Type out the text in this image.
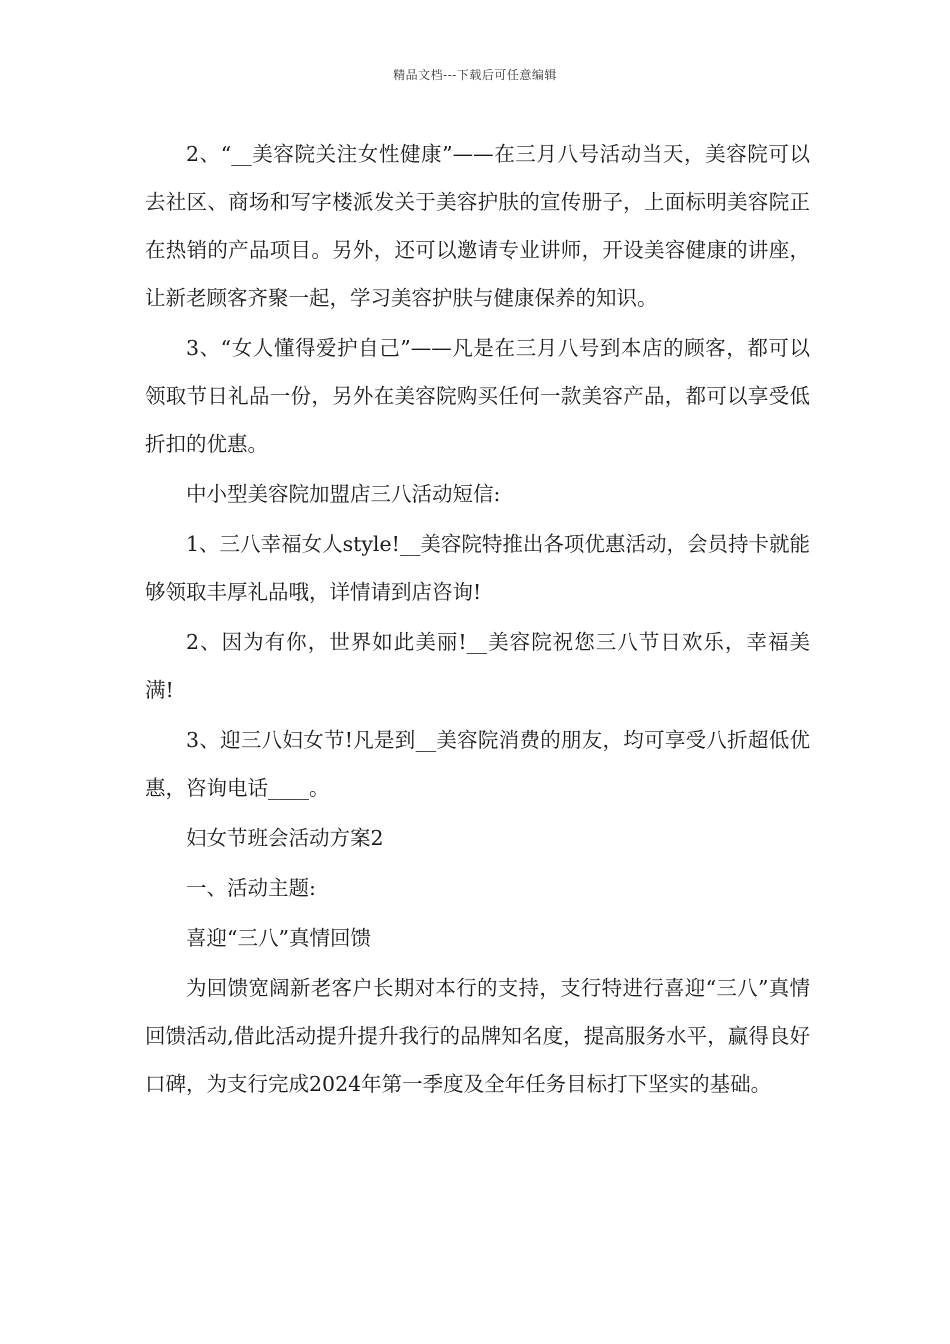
精品文档---下载后可任意编辑

2、“__美容院关注女性健康”——在三月八号活动当天，美容院可以去社区、商场和写字楼派发关于美容护肤的宣传册子，上面标明美容院正在热销的产品项目。另外，还可以邀请专业讲师，开设美容健康的讲座，让新老顾客齐聚一起，学习美容护肤与健康保养的知识。

3、“女人懂得爱护自己”——凡是在三月八号到本店的顾客，都可以领取节日礼品一份，另外在美容院购买任何一款美容产品，都可以享受低折扣的优惠。

中小型美容院加盟店三八活动短信:

1、三八幸福女人style!__美容院特推出各项优惠活动，会员持卡就能够领取丰厚礼品哦，详情请到店咨询!

2、因为有你，世界如此美丽!__美容院祝您三八节日欢乐，幸福美满!

3、迎三八妇女节!凡是到__美容院消费的朋友，均可享受八折超低优惠，咨询电话____。

妇女节班会活动方案2

一、活动主题:

喜迎“三八”真情回馈

为回馈宽阔新老客户长期对本行的支持，支行特进行喜迎“三八”真情回馈活动,借此活动提升提升我行的品牌知名度，提高服务水平，赢得良好口碑，为支行完成2024年第一季度及全年任务目标打下坚实的基础。
